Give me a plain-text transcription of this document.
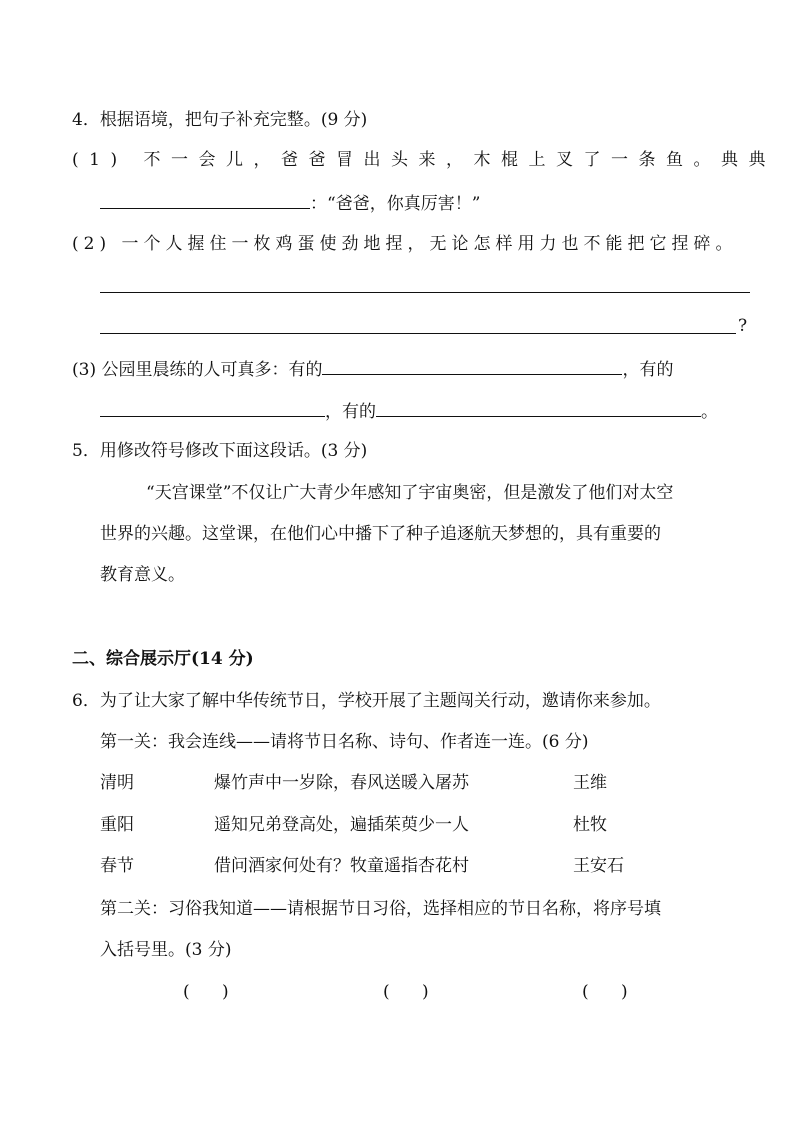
4．根据语境，把句子补充完整。(9 分)
(1) 不一会儿，爸爸冒出头来，木棍上叉了一条鱼。典典
：“爸爸，你真厉害！”
(2) 一个人握住一枚鸡蛋使劲地捏，无论怎样用力也不能把它捏碎。
?
(3) 公园里晨练的人可真多：有的	，有的
，有的	。
5．用修改符号修改下面这段话。(3 分)
“天宫课堂”不仅让广大青少年感知了宇宙奥密，但是激发了他们对太空
世界的兴趣。这堂课，在他们心中播下了种子追逐航天梦想的，具有重要的
教育意义。
二、综合展示厅(14 分)
6．为了让大家了解中华传统节日，学校开展了主题闯关行动，邀请你来参加。
第一关：我会连线——请将节日名称、诗句、作者连一连。(6 分)
清明	爆竹声中一岁除，春风送暖入屠苏	王维
重阳	遥知兄弟登高处，遍插茱萸少一人	杜牧
春节	借问酒家何处有？牧童遥指杏花村	王安石
第二关：习俗我知道——请根据节日习俗，选择相应的节日名称，将序号填
入括号里。(3 分)
(      )	(      )	(      )
